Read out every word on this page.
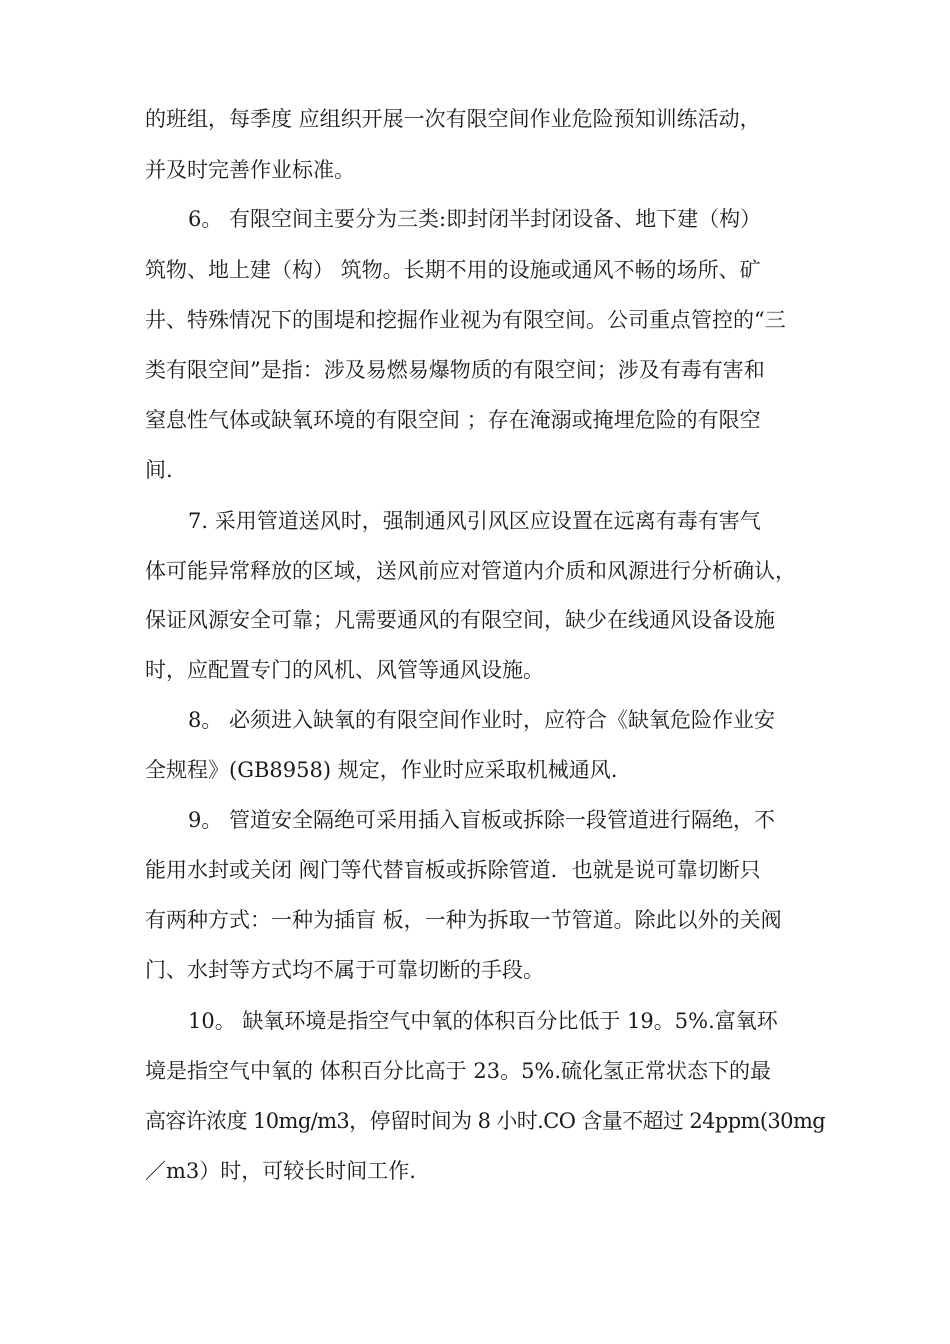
的班组，每季度 应组织开展一次有限空间作业危险预知训练活动，
并及时完善作业标准。
6。 有限空间主要分为三类:即封闭半封闭设备、地下建（构）
筑物、地上建（构） 筑物。长期不用的设施或通风不畅的场所、矿
井、特殊情况下的围堤和挖掘作业视为有限空间。公司重点管控的“三
类有限空间”是指：涉及易燃易爆物质的有限空间；涉及有毒有害和
窒息性气体或缺氧环境的有限空间 ；存在淹溺或掩埋危险的有限空
间.
7. 采用管道送风时，强制通风引风区应设置在远离有毒有害气
体可能异常释放的区域，送风前应对管道内介质和风源进行分析确认，
保证风源安全可靠；凡需要通风的有限空间，缺少在线通风设备设施
时，应配置专门的风机、风管等通风设施。
8。 必须进入缺氧的有限空间作业时，应符合《缺氧危险作业安
全规程》(GB8958) 规定，作业时应采取机械通风.
9。 管道安全隔绝可采用插入盲板或拆除一段管道进行隔绝，不
能用水封或关闭 阀门等代替盲板或拆除管道．也就是说可靠切断只
有两种方式：一种为插盲 板，一种为拆取一节管道。除此以外的关阀
门、水封等方式均不属于可靠切断的手段。
10。 缺氧环境是指空气中氧的体积百分比低于 19。5%.富氧环
境是指空气中氧的 体积百分比高于 23。5%.硫化氢正常状态下的最
高容许浓度 10mg/m3，停留时间为 8 小时.CO 含量不超过 24ppm(30mg
／m3）时，可较长时间工作.
